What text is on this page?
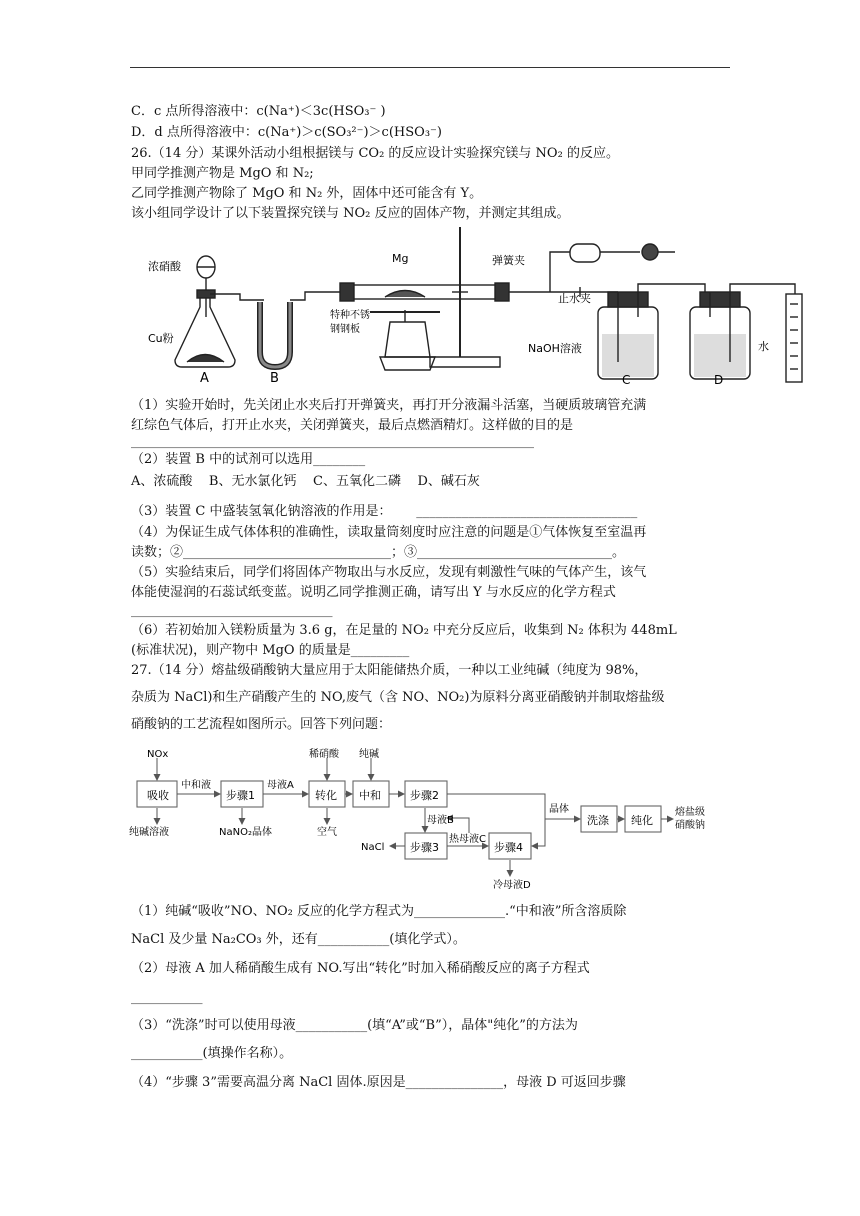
C．c 点所得溶液中：c(Na⁺)＜3c(HSO₃⁻ )
D．d 点所得溶液中：c(Na⁺)＞c(SO₃²⁻)＞c(HSO₃⁻)
26.（14 分）某课外活动小组根据镁与 CO₂ 的反应设计实验探究镁与 NO₂ 的反应。
甲同学推测产物是 MgO 和 N₂;
乙同学推测产物除了 MgO 和 N₂ 外，固体中还可能含有 Y。
该小组同学设计了以下装置探究镁与 NO₂ 反应的固体产物，并测定其组成。
浓硝酸
Cu粉
A	B
Mg
特种不锈
钢钢板
弹簧夹
止水夹
NaOH溶液	水
C	D
（1）实验开始时，先关闭止水夹后打开弹簧夹，再打开分液漏斗活塞，当硬质玻璃管充满
红综色气体后，打开止水夹，关闭弹簧夹，最后点燃酒精灯。这样做的目的是
______________________________________________________________
（2）装置 B 中的试剂可以选用________
A、浓硫酸    B、无水氯化钙    C、五氧化二磷    D、碱石灰
（3）装置 C 中盛装氢氧化钠溶液的作用是：      __________________________________
（4）为保证生成气体体积的准确性，读取量筒刻度时应注意的问题是①气体恢复至室温再
读数；②________________________________；③______________________________。
（5）实验结束后，同学们将固体产物取出与水反应，发现有刺激性气味的气体产生，该气
体能使湿润的石蕊试纸变蓝。说明乙同学推测正确，请写出 Y 与水反应的化学方程式
_______________________________
（6）若初始加入镁粉质量为 3.6 g，在足量的 NO₂ 中充分反应后，收集到 N₂ 体积为 448mL
(标准状况)，则产物中 MgO 的质量是_________
27.（14 分）熔盐级硝酸钠大量应用于太阳能储热介质，一种以工业纯碱（纯度为 98%，
杂质为 NaCl)和生产硝酸产生的 NO,废气（含 NO、NO₂)为原料分离亚硝酸钠并制取熔盐级
硝酸钠的工艺流程如图所示。回答下列问题：
吸收	步骤1	转化 中和	步骤2
步骤3	步骤4
洗涤 纯化
NOx
中和液	母液A
稀硝酸 纯碱
纯碱溶液	NaNO₂晶体	空气
母液B
热母液C
NaCl
冷母液D
晶体	熔盐级
硝酸钠
（1）纯碱“吸收”NO、NO₂ 反应的化学方程式为______________.“中和液”所含溶质除
NaCl 及少量 Na₂CO₃ 外，还有___________(填化学式）。
（2）母液 A 加人稀硝酸生成有 NO.写出“转化”时加入稀硝酸反应的离子方程式
___________
（3）“洗涤”时可以使用母液___________(填“A”或“B”），晶体"纯化”的方法为
___________(填操作名称）。
（4）“步骤 3”需要高温分离 NaCl 固体.原因是_______________，母液 D 可返回步骤
